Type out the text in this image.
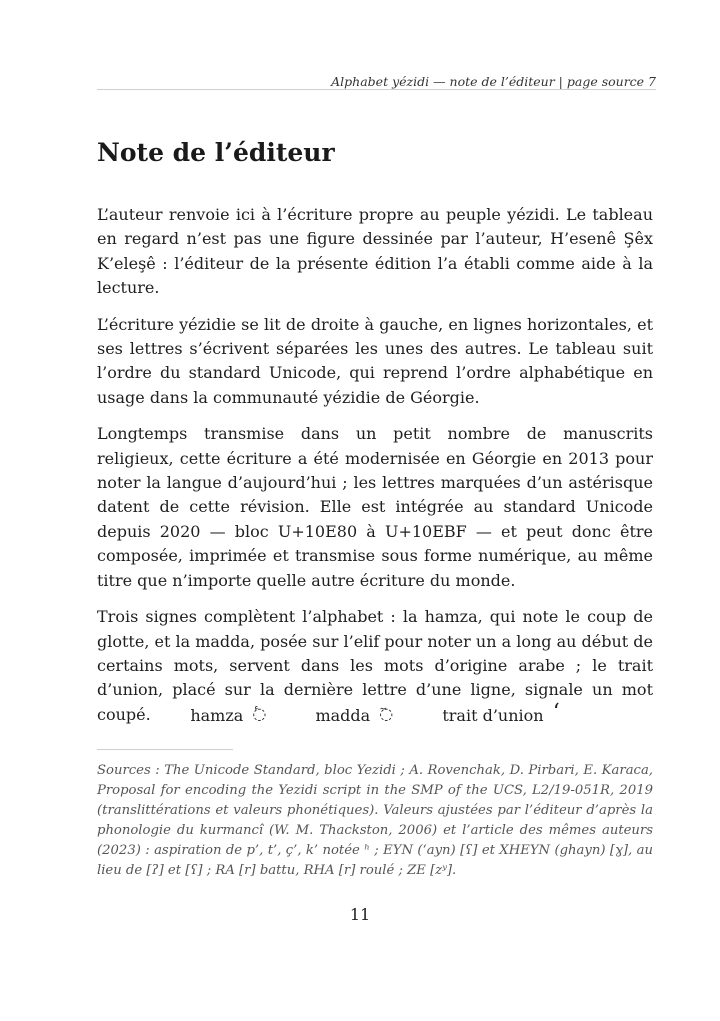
Alphabet yézidi — note de l’éditeur | page source 7
Note de l’éditeur

L’auteur renvoie ici à l’écriture propre au peuple yézidi. Le tableau en regard n’est pas une figure dessinée par l’auteur, H’esenê Şêx K’eleşê : l’éditeur de la présente édition l’a établi comme aide à la lecture.

L’écriture yézidie se lit de droite à gauche, en lignes horizontales, et ses lettres s’écrivent séparées les unes des autres. Le tableau suit l’ordre du standard Unicode, qui reprend l’ordre alphabétique en usage dans la communauté yézidie de Géorgie.

Longtemps transmise dans un petit nombre de manuscrits religieux, cette écriture a été modernisée en Géorgie en 2013 pour noter la langue d’aujourd’hui ; les lettres marquées d’un astérisque datent de cette révision. Elle est intégrée au standard Unicode depuis 2020 — bloc U+10E80 à U+10EBF — et peut donc être composée, imprimée et transmise sous forme numérique, au même titre que n’importe quelle autre écriture du monde.

Trois signes complètent l’alphabet : la hamza, qui note le coup de glotte, et la madda, posée sur l’elif pour noter un a long au début de certains mots, servent dans les mots d’origine arabe ; le trait d’union, placé sur la dernière lettre d’une ligne, signale un mot coupé.	hamza ◌ٔ	madda ◌ٓ	trait d’union ʻ
Sources : The Unicode Standard, bloc Yezidi ; A. Rovenchak, D. Pirbari, E. Karaca, Proposal for encoding the Yezidi script in the SMP of the UCS, L2/19-051R, 2019 (translittérations et valeurs phonétiques). Valeurs ajustées par l’éditeur d’après la phonologie du kurmancî (W. M. Thackston, 2006) et l’article des mêmes auteurs (2023) : aspiration de p’, t’, ç’, k’ notée ʰ ; EYN (‘ayn) [ʕ] et XHEYN (ghayn) [ɣ], au lieu de [ʔ] et [ʕ] ; RA [r] battu, RHA [r] roulé ; ZE [zʸ].
11
